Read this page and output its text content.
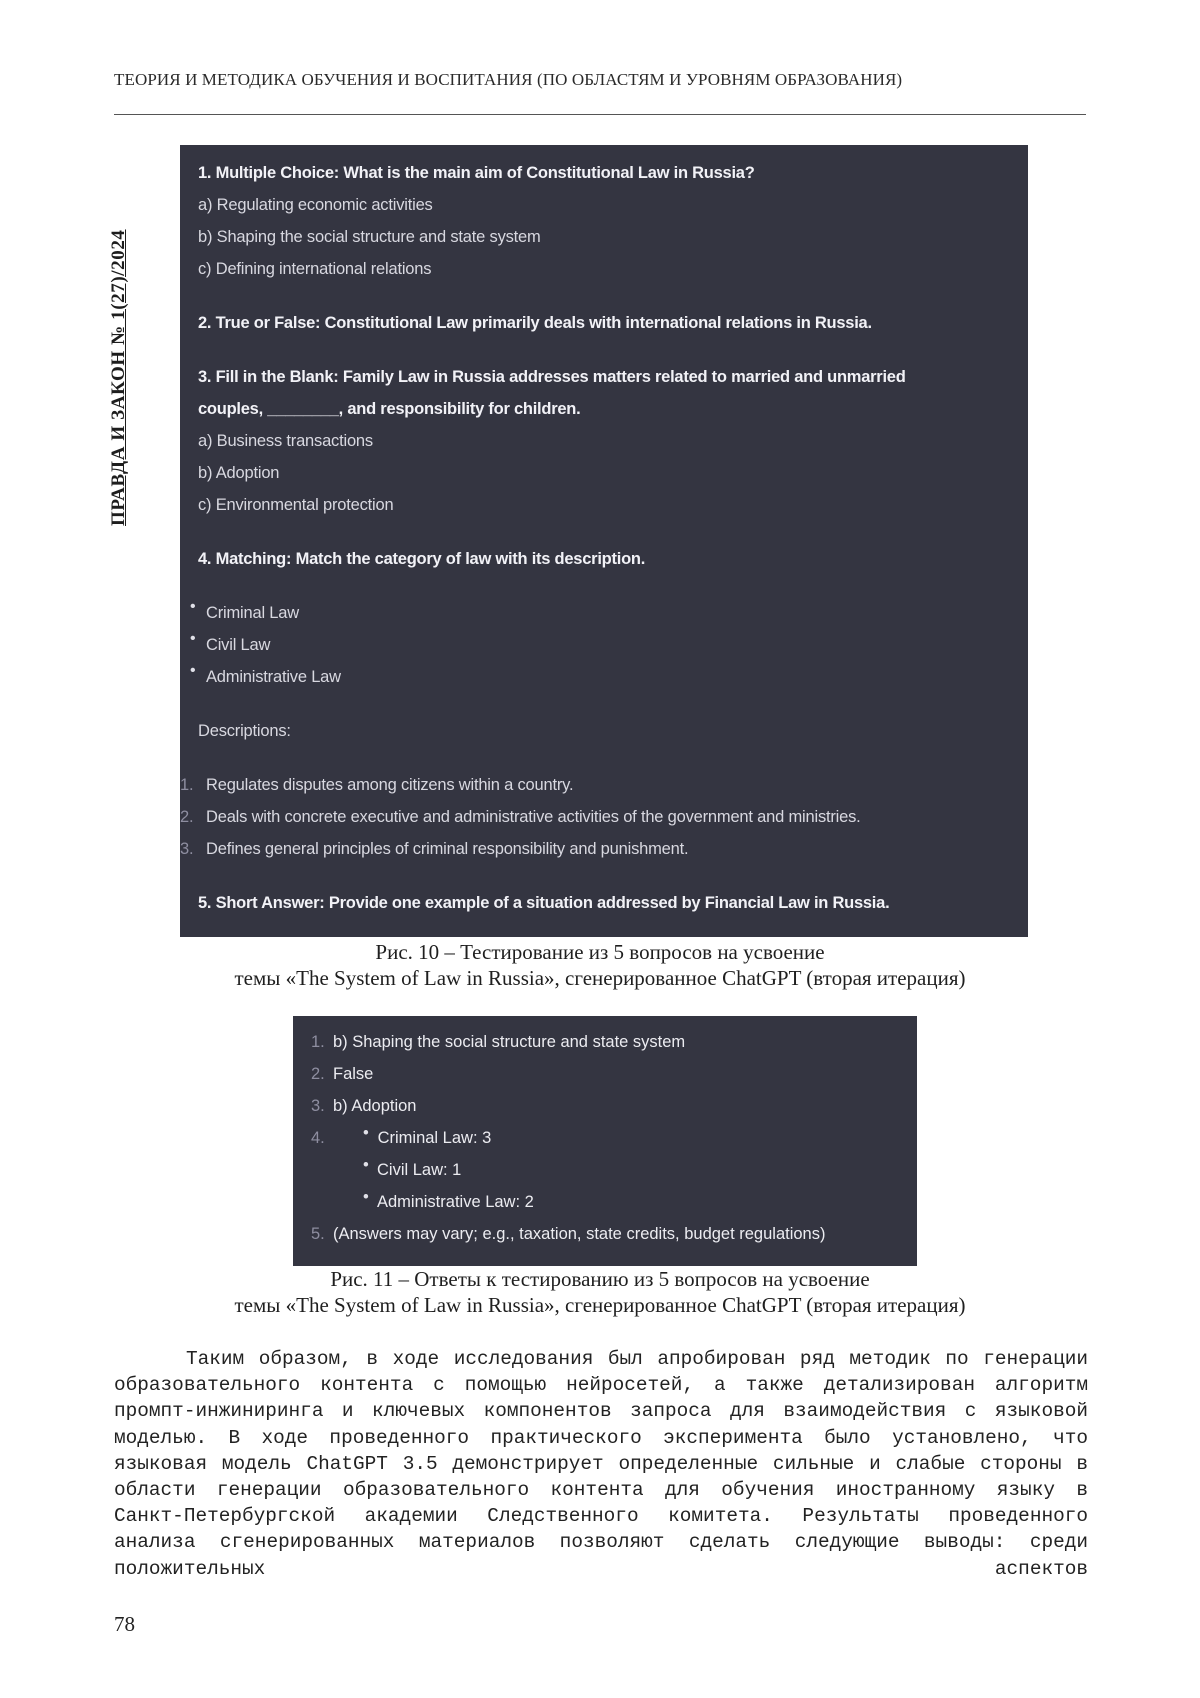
ТЕОРИЯ И МЕТОДИКА ОБУЧЕНИЯ И ВОСПИТАНИЯ (ПО ОБЛАСТЯМ И УРОВНЯМ ОБРАЗОВАНИЯ)
ПРАВДА И ЗАКОН № 1(27)/2024
1. Multiple Choice: What is the main aim of Constitutional Law in Russia?
a) Regulating economic activities
b) Shaping the social structure and state system
c) Defining international relations
2. True or False: Constitutional Law primarily deals with international relations in Russia.
3. Fill in the Blank: Family Law in Russia addresses matters related to married and unmarried
couples, ________, and responsibility for children.
a) Business transactions
b) Adoption
c) Environmental protection
4. Matching: Match the category of law with its description.
• Criminal Law
• Civil Law
• Administrative Law
Descriptions:
1. Regulates disputes among citizens within a country.
2. Deals with concrete executive and administrative activities of the government and ministries.
3. Defines general principles of criminal responsibility and punishment.
5. Short Answer: Provide one example of a situation addressed by Financial Law in Russia.
Рис. 10 – Тестирование из 5 вопросов на усвоение
темы «The System of Law in Russia», сгенерированное ChatGPT (вторая итерация)
1. b) Shaping the social structure and state system
2. False
3. b) Adoption
4. • Criminal Law: 3
• Civil Law: 1
• Administrative Law: 2
5. (Answers may vary; e.g., taxation, state credits, budget regulations)
Рис. 11 – Ответы к тестированию из 5 вопросов на усвоение
темы «The System of Law in Russia», сгенерированное ChatGPT (вторая итерация)

Таким образом, в ходе исследования был апробирован ряд методик по генерации образовательного контента с помощью нейросетей, а также детализирован алгоритм промпт-инжиниринга и ключевых компонентов запроса для взаимодействия с языковой моделью. В ходе проведенного практического эксперимента было установлено, что языковая модель ChatGPT 3.5 демонстрирует определенные сильные и слабые стороны в области генерации образовательного контента для обучения иностранному языку в Санкт-Петербургской академии Следственного комитета. Результаты проведенного анализа сгенерированных материалов позволяют сделать следующие выводы: среди положительных аспектов

78
